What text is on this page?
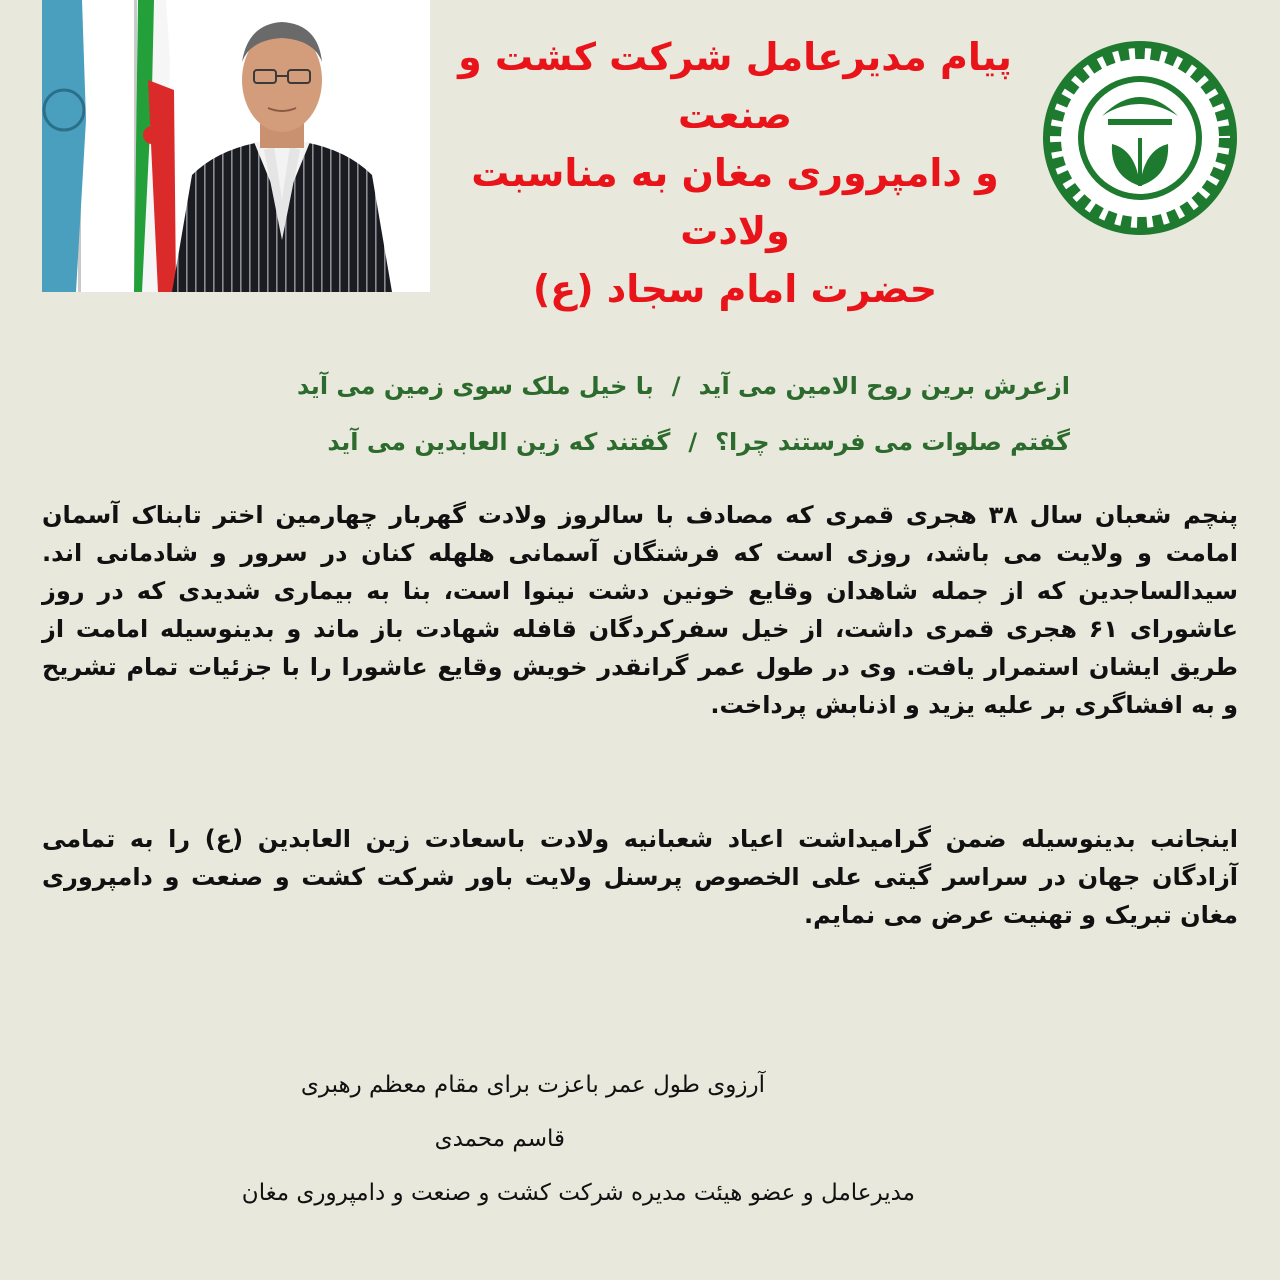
پیام مدیرعامل شرکت کشت و صنعت
و دامپروری مغان به مناسبت ولادت
حضرت امام سجاد (ع)
ازعرش برین روح الامین می آید
/
با خیل ملک سوی زمین می آید
گفتم صلوات می فرستند چرا؟
/
گفتند که زین العابدین می آید
پنچم شعبان سال ۳۸ هجری قمری که مصادف با سالروز ولادت گهربار چهارمین اختر تابناک آسمان امامت و ولایت می باشد، روزی است که فرشتگان آسمانی هلهله کنان در سرور و شادمانی اند. سیدالساجدین که از جمله شاهدان وقایع خونین دشت نینوا است، بنا به بیماری شدیدی که در روز عاشورای ۶۱ هجری قمری داشت، از خیل سفرکردگان قافله شهادت باز ماند و بدینوسیله امامت از طریق ایشان استمرار یافت. وی در طول عمر گرانقدر خویش وقایع عاشورا را با جزئیات تمام تشریح و به افشاگری بر علیه یزید و اذنابش پرداخت.
اینجانب بدینوسیله ضمن گرامیداشت اعیاد شعبانیه ولادت باسعادت زین العابدین (ع) را به تمامی آزادگان جهان در سراسر گیتی علی الخصوص پرسنل ولایت باور شرکت کشت و صنعت و دامپروری مغان تبریک و تهنیت عرض می نمایم.
آرزوی طول عمر باعزت برای مقام معظم رهبری
قاسم محمدی
مدیرعامل و عضو هیئت مدیره شرکت کشت و صنعت و دامپروری مغان
